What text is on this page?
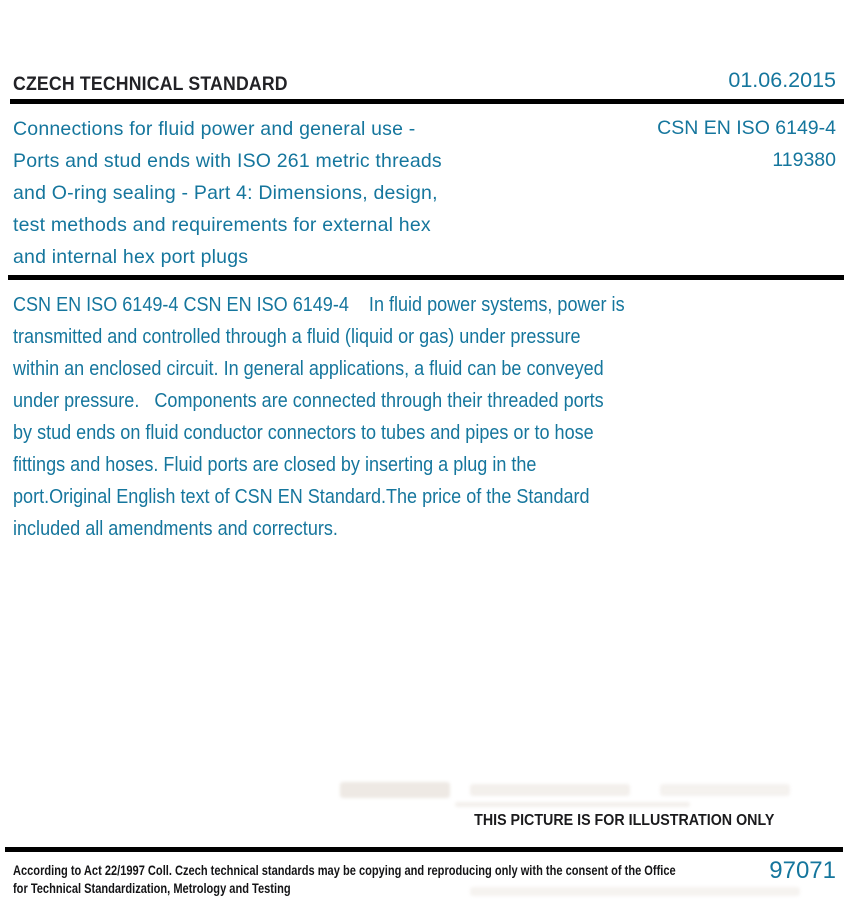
CZECH TECHNICAL STANDARD	01.06.2015
Connections for fluid power and general use -
Ports and stud ends with ISO 261 metric threads
and O-ring sealing - Part 4: Dimensions, design,
test methods and requirements for external hex
and internal hex port plugs
CSN EN ISO 6149-4
119380
CSN EN ISO 6149-4 CSN EN ISO 6149-4    In fluid power systems, power is
transmitted and controlled through a fluid (liquid or gas) under pressure
within an enclosed circuit. In general applications, a fluid can be conveyed
under pressure.   Components are connected through their threaded ports
by stud ends on fluid conductor connectors to tubes and pipes or to hose
fittings and hoses. Fluid ports are closed by inserting a plug in the
port.Original English text of CSN EN Standard.The price of the Standard
included all amendments and correcturs.
THIS PICTURE IS FOR ILLUSTRATION ONLY
According to Act 22/1997 Coll. Czech technical standards may be copying and reproducing only with the consent of the Office
for Technical Standardization, Metrology and Testing
97071
